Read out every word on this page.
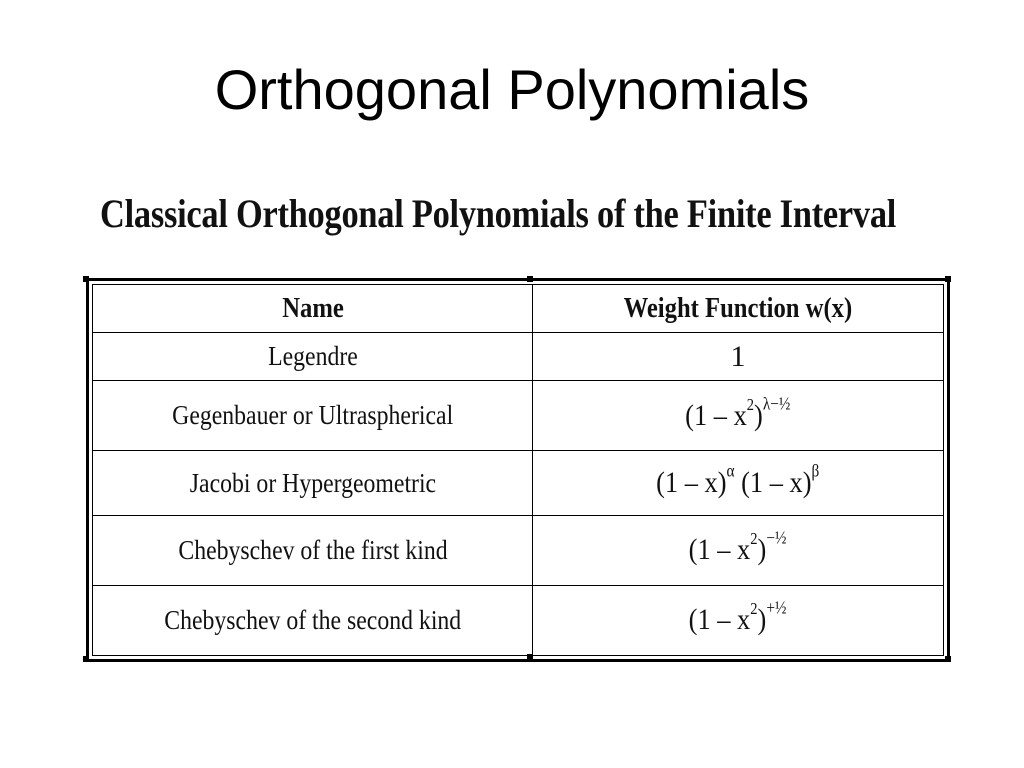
Orthogonal Polynomials
Classical Orthogonal Polynomials of the Finite Interval
Name	Weight Function w(x)
Legendre	1
Gegenbauer or Ultraspherical	$(1 - x^2)^{\lambda-\frac{1}{2}}$
Jacobi or Hypergeometric	(1 – x)$^\alpha$ (1 – x)$^\beta$
Chebyschev of the first kind	$(1 - x^2)^{-\frac{1}{2}}$
Chebyschev of the second kind	$(1 - x^2)^{+\frac{1}{2}}$
